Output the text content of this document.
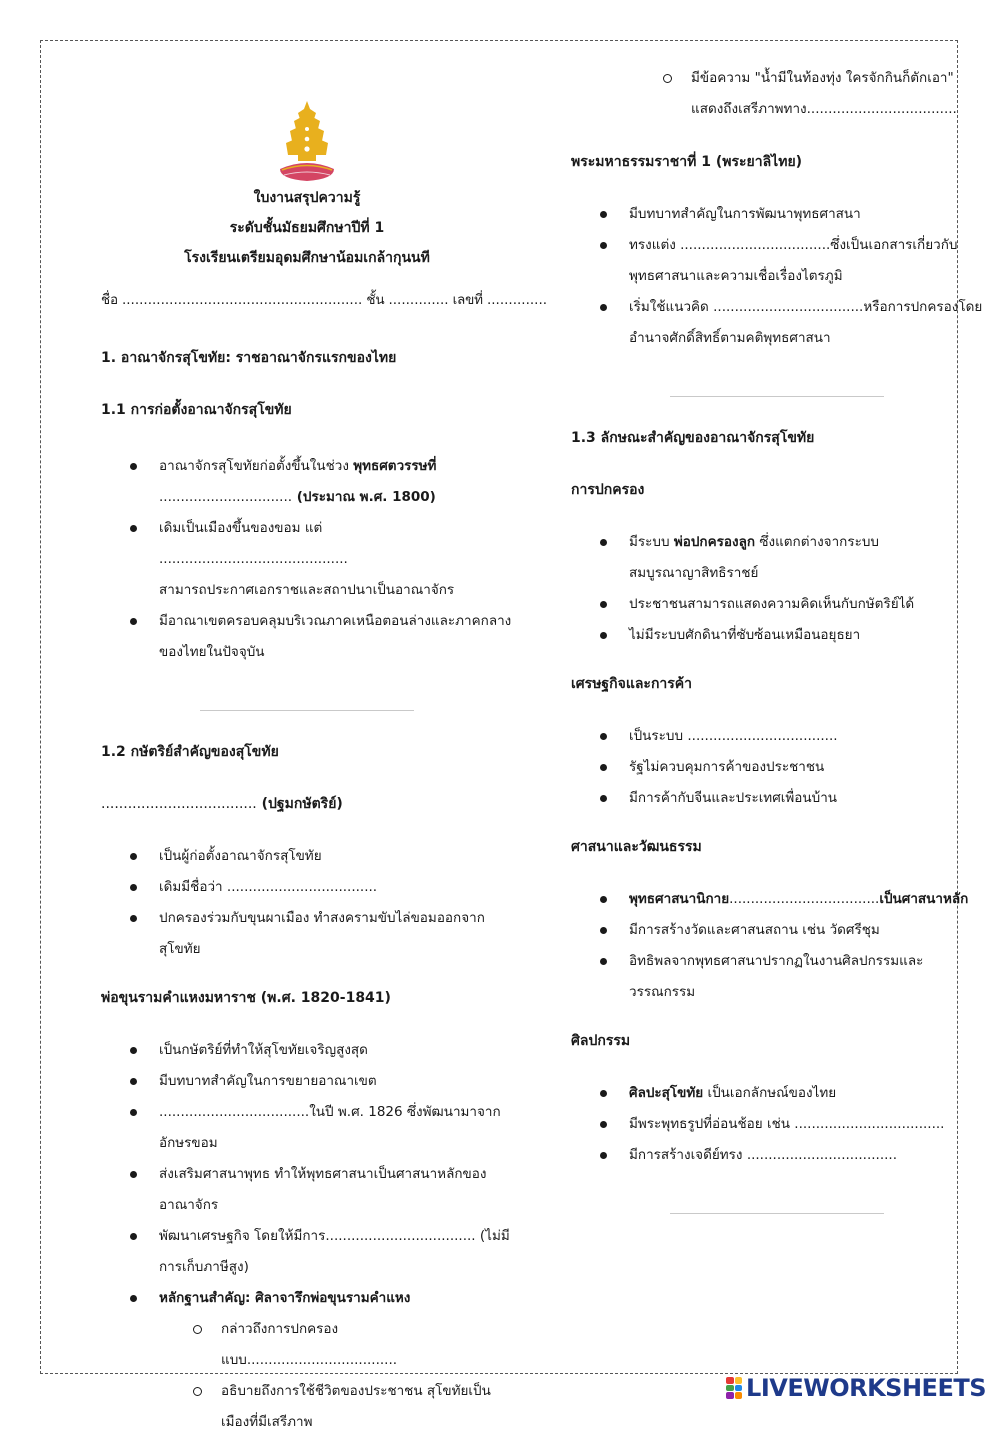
ใบงานสรุปความรู้
ระดับชั้นมัธยมศึกษาปีที่ 1
โรงเรียนเตรียมอุดมศึกษาน้อมเกล้ากุนนที
ชื่อ ........................................................ ชั้น .............. เลขที่ ..............
1. อาณาจักรสุโขทัย: ราชอาณาจักรแรกของไทย
1.1 การก่อตั้งอาณาจักรสุโขทัย
อาณาจักรสุโขทัยก่อตั้งขึ้นในช่วง พุทธศตวรรษที่
............................... (ประมาณ พ.ศ. 1800)
เดิมเป็นเมืองขึ้นของขอม แต่ ............................................
สามารถประกาศเอกราชและสถาปนาเป็นอาณาจักร
มีอาณาเขตครอบคลุมบริเวณภาคเหนือตอนล่างและภาคกลางของไทยในปัจจุบัน
1.2 กษัตริย์สำคัญของสุโขทัย
................................... (ปฐมกษัตริย์)
เป็นผู้ก่อตั้งอาณาจักรสุโขทัย
เดิมมีชื่อว่า ...................................
ปกครองร่วมกับขุนผาเมือง ทำสงครามขับไล่ขอมออกจากสุโขทัย
พ่อขุนรามคำแหงมหาราช (พ.ศ. 1820-1841)
เป็นกษัตริย์ที่ทำให้สุโขทัยเจริญสูงสุด
มีบทบาทสำคัญในการขยายอาณาเขต
...................................ในปี พ.ศ. 1826 ซึ่งพัฒนามาจากอักษรขอม
ส่งเสริมศาสนาพุทธ ทำให้พุทธศาสนาเป็นศาสนาหลักของอาณาจักร
พัฒนาเศรษฐกิจ โดยให้มีการ................................... (ไม่มีการเก็บภาษีสูง)
หลักฐานสำคัญ: ศิลาจารึกพ่อขุนรามคำแหง
กล่าวถึงการปกครองแบบ...................................
อธิบายถึงการใช้ชีวิตของประชาชน สุโขทัยเป็นเมืองที่มีเสรีภาพ
มีข้อความ "น้ำมีในท้องทุ่ง ใครจักกินก็ตักเอา" แสดงถึงเสรีภาพทาง...................................
พระมหาธรรมราชาที่ 1 (พระยาลิไทย)
มีบทบาทสำคัญในการพัฒนาพุทธศาสนา
ทรงแต่ง ...................................ซึ่งเป็นเอกสารเกี่ยวกับพุทธศาสนาและความเชื่อเรื่องไตรภูมิ
เริ่มใช้แนวคิด ...................................หรือการปกครองโดยอำนาจศักดิ์สิทธิ์ตามคติพุทธศาสนา
1.3 ลักษณะสำคัญของอาณาจักรสุโขทัย
การปกครอง
มีระบบ พ่อปกครองลูก ซึ่งแตกต่างจากระบบสมบูรณาญาสิทธิราชย์
ประชาชนสามารถแสดงความคิดเห็นกับกษัตริย์ได้
ไม่มีระบบศักดินาที่ซับซ้อนเหมือนอยุธยา
เศรษฐกิจและการค้า
เป็นระบบ ...................................
รัฐไม่ควบคุมการค้าของประชาชน
มีการค้ากับจีนและประเทศเพื่อนบ้าน
ศาสนาและวัฒนธรรม
พุทธศาสนานิกาย...................................เป็นศาสนาหลัก
มีการสร้างวัดและศาสนสถาน เช่น วัดศรีชุม
อิทธิพลจากพุทธศาสนาปรากฏในงานศิลปกรรมและวรรณกรรม
ศิลปกรรม
ศิลปะสุโขทัย เป็นเอกลักษณ์ของไทย
มีพระพุทธรูปที่อ่อนช้อย เช่น ...................................
มีการสร้างเจดีย์ทรง ...................................
LIVEWORKSHEETS
